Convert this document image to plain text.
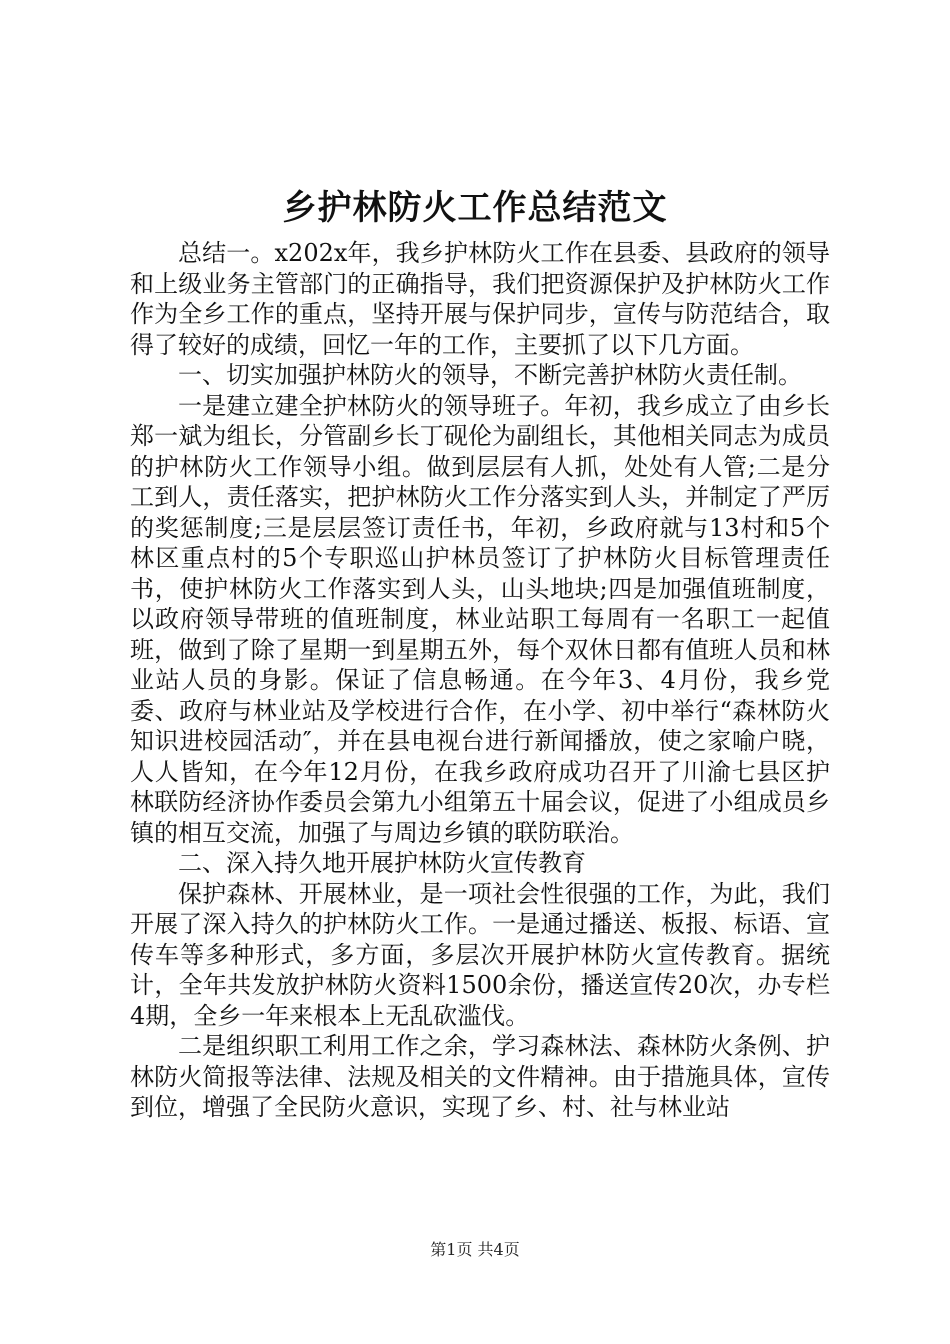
乡护林防火工作总结范文

总结一。x202x年，我乡护林防火工作在县委、县政府的领导和上级业务主管部门的正确指导，我们把资源保护及护林防火工作作为全乡工作的重点，坚持开展与保护同步，宣传与防范结合，取得了较好的成绩，回忆一年的工作，主要抓了以下几方面。

一、切实加强护林防火的领导，不断完善护林防火责任制。

一是建立建全护林防火的领导班子。年初，我乡成立了由乡长郑一斌为组长，分管副乡长丁砚伦为副组长，其他相关同志为成员的护林防火工作领导小组。做到层层有人抓，处处有人管;二是分工到人，责任落实，把护林防火工作分落实到人头，并制定了严厉的奖惩制度;三是层层签订责任书，年初，乡政府就与13村和5个林区重点村的5个专职巡山护林员签订了护林防火目标管理责任书，使护林防火工作落实到人头，山头地块;四是加强值班制度，以政府领导带班的值班制度，林业站职工每周有一名职工一起值班，做到了除了星期一到星期五外，每个双休日都有值班人员和林业站人员的身影。保证了信息畅通。在今年3、4月份，我乡党委、政府与林业站及学校进行合作，在小学、初中举行“森林防火知识进校园活动″，并在县电视台进行新闻播放，使之家喻户晓，人人皆知，在今年12月份，在我乡政府成功召开了川渝七县区护林联防经济协作委员会第九小组第五十届会议，促进了小组成员乡镇的相互交流，加强了与周边乡镇的联防联治。

二、深入持久地开展护林防火宣传教育

保护森林、开展林业，是一项社会性很强的工作，为此，我们开展了深入持久的护林防火工作。一是通过播送、板报、标语、宣传车等多种形式，多方面，多层次开展护林防火宣传教育。据统计，全年共发放护林防火资料1500余份，播送宣传20次，办专栏4期，全乡一年来根本上无乱砍滥伐。

二是组织职工利用工作之余，学习森林法、森林防火条例、护林防火简报等法律、法规及相关的文件精神。由于措施具体，宣传到位，增强了全民防火意识，实现了乡、村、社与林业站

第1页 共4页
